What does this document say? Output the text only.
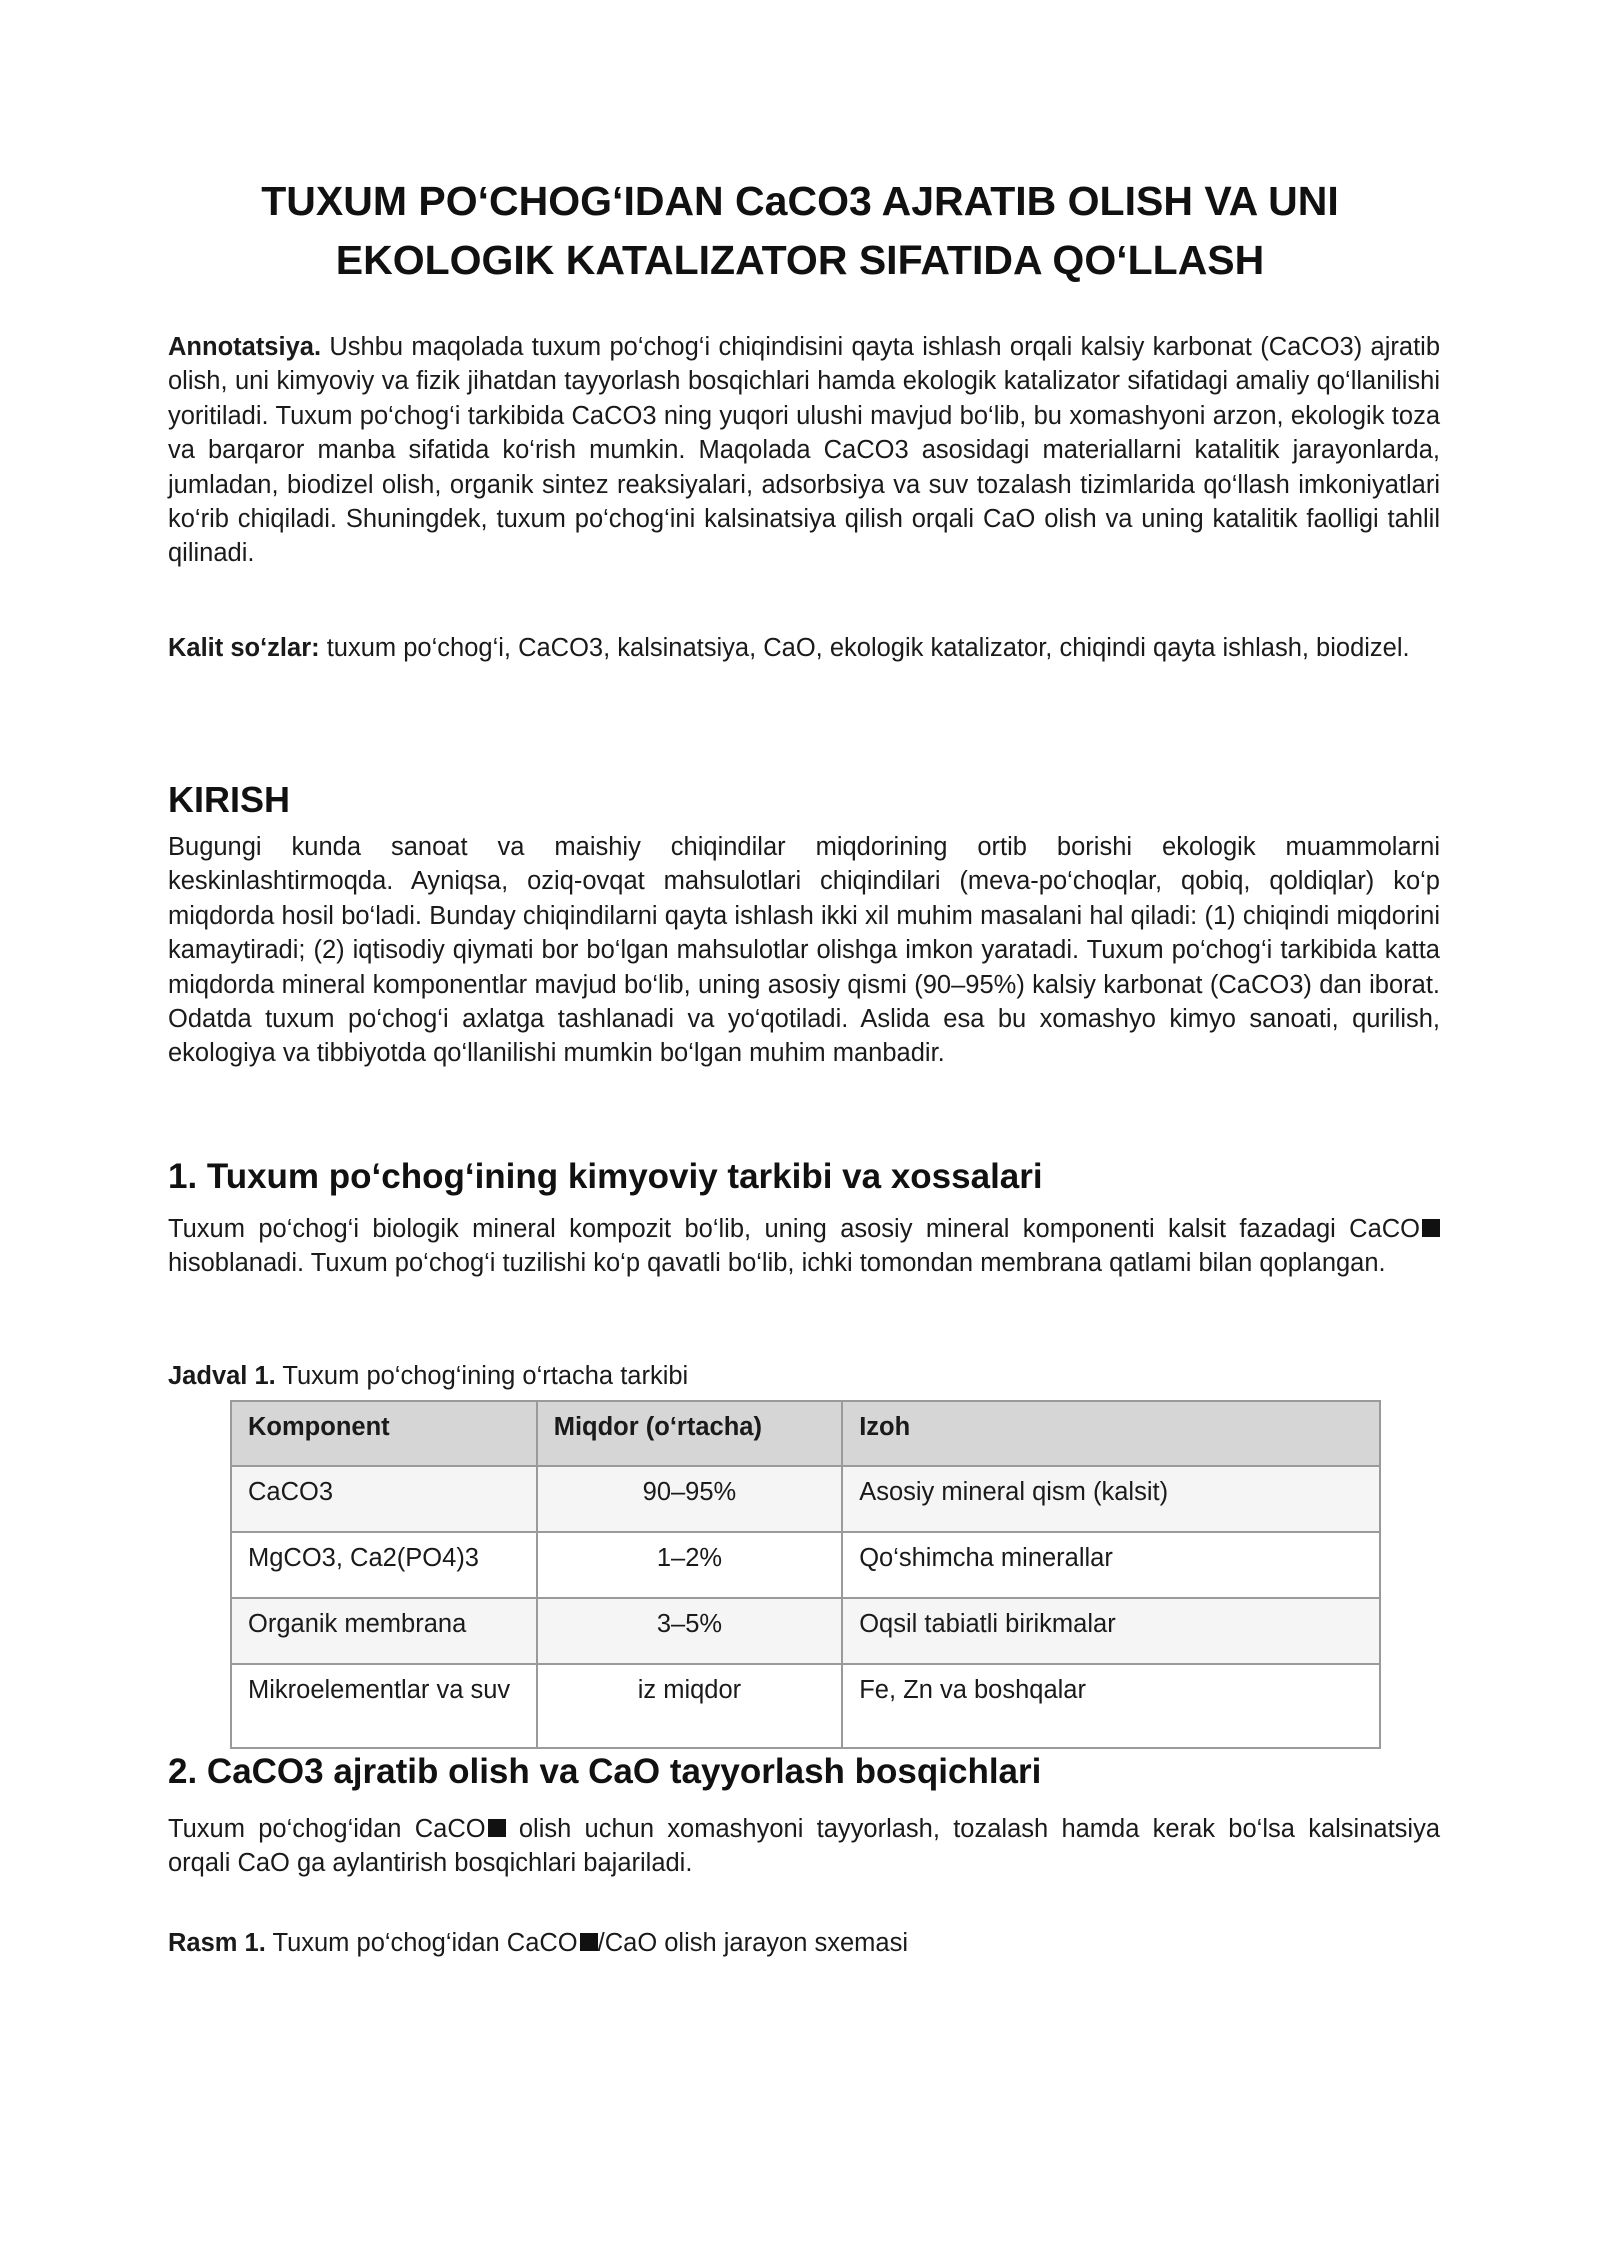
TUXUM PO‘CHOG‘IDAN CaCO3 AJRATIB OLISH VA UNI
EKOLOGIK KATALIZATOR SIFATIDA QO‘LLASH

Annotatsiya. Ushbu maqolada tuxum po‘chog‘i chiqindisini qayta ishlash orqali kalsiy karbonat (CaCO3) ajratib olish, uni kimyoviy va fizik jihatdan tayyorlash bosqichlari hamda ekologik katalizator sifatidagi amaliy qo‘llanilishi yoritiladi. Tuxum po‘chog‘i tarkibida CaCO3 ning yuqori ulushi mavjud bo‘lib, bu xomashyoni arzon, ekologik toza va barqaror manba sifatida ko‘rish mumkin. Maqolada CaCO3 asosidagi materiallarni katalitik jarayonlarda, jumladan, biodizel olish, organik sintez reaksiyalari, adsorbsiya va suv tozalash tizimlarida qo‘llash imkoniyatlari ko‘rib chiqiladi. Shuningdek, tuxum po‘chog‘ini kalsinatsiya qilish orqali CaO olish va uning katalitik faolligi tahlil qilinadi.

Kalit so‘zlar: tuxum po‘chog‘i, CaCO3, kalsinatsiya, CaO, ekologik katalizator, chiqindi qayta ishlash, biodizel.

KIRISH

Bugungi kunda sanoat va maishiy chiqindilar miqdorining ortib borishi ekologik muammolarni keskinlashtirmoqda. Ayniqsa, oziq-ovqat mahsulotlari chiqindilari (meva-po‘choqlar, qobiq, qoldiqlar) ko‘p miqdorda hosil bo‘ladi. Bunday chiqindilarni qayta ishlash ikki xil muhim masalani hal qiladi: (1) chiqindi miqdorini kamaytiradi; (2) iqtisodiy qiymati bor bo‘lgan mahsulotlar olishga imkon yaratadi. Tuxum po‘chog‘i tarkibida katta miqdorda mineral komponentlar mavjud bo‘lib, uning asosiy qismi (90–95%) kalsiy karbonat (CaCO3) dan iborat. Odatda tuxum po‘chog‘i axlatga tashlanadi va yo‘qotiladi. Aslida esa bu xomashyo kimyo sanoati, qurilish, ekologiya va tibbiyotda qo‘llanilishi mumkin bo‘lgan muhim manbadir.

1. Tuxum po‘chog‘ining kimyoviy tarkibi va xossalari

Tuxum po‘chog‘i biologik mineral kompozit bo‘lib, uning asosiy mineral komponenti kalsit fazadagi CaCO hisoblanadi. Tuxum po‘chog‘i tuzilishi ko‘p qavatli bo‘lib, ichki tomondan membrana qatlami bilan qoplangan.

Jadval 1. Tuxum po‘chog‘ining o‘rtacha tarkibi

Komponent	Miqdor (o‘rtacha)	Izoh
CaCO3	90–95%	Asosiy mineral qism (kalsit)
MgCO3, Ca2(PO4)3	1–2%	Qo‘shimcha minerallar
Organik membrana	3–5%	Oqsil tabiatli birikmalar
Mikroelementlar va suv	iz miqdor	Fe, Zn va boshqalar
2. CaCO3 ajratib olish va CaO tayyorlash bosqichlari

Tuxum po‘chog‘idan CaCO olish uchun xomashyoni tayyorlash, tozalash hamda kerak bo‘lsa kalsinatsiya orqali CaO ga aylantirish bosqichlari bajariladi.

Rasm 1. Tuxum po‘chog‘idan CaCO /CaO olish jarayon sxemasi
